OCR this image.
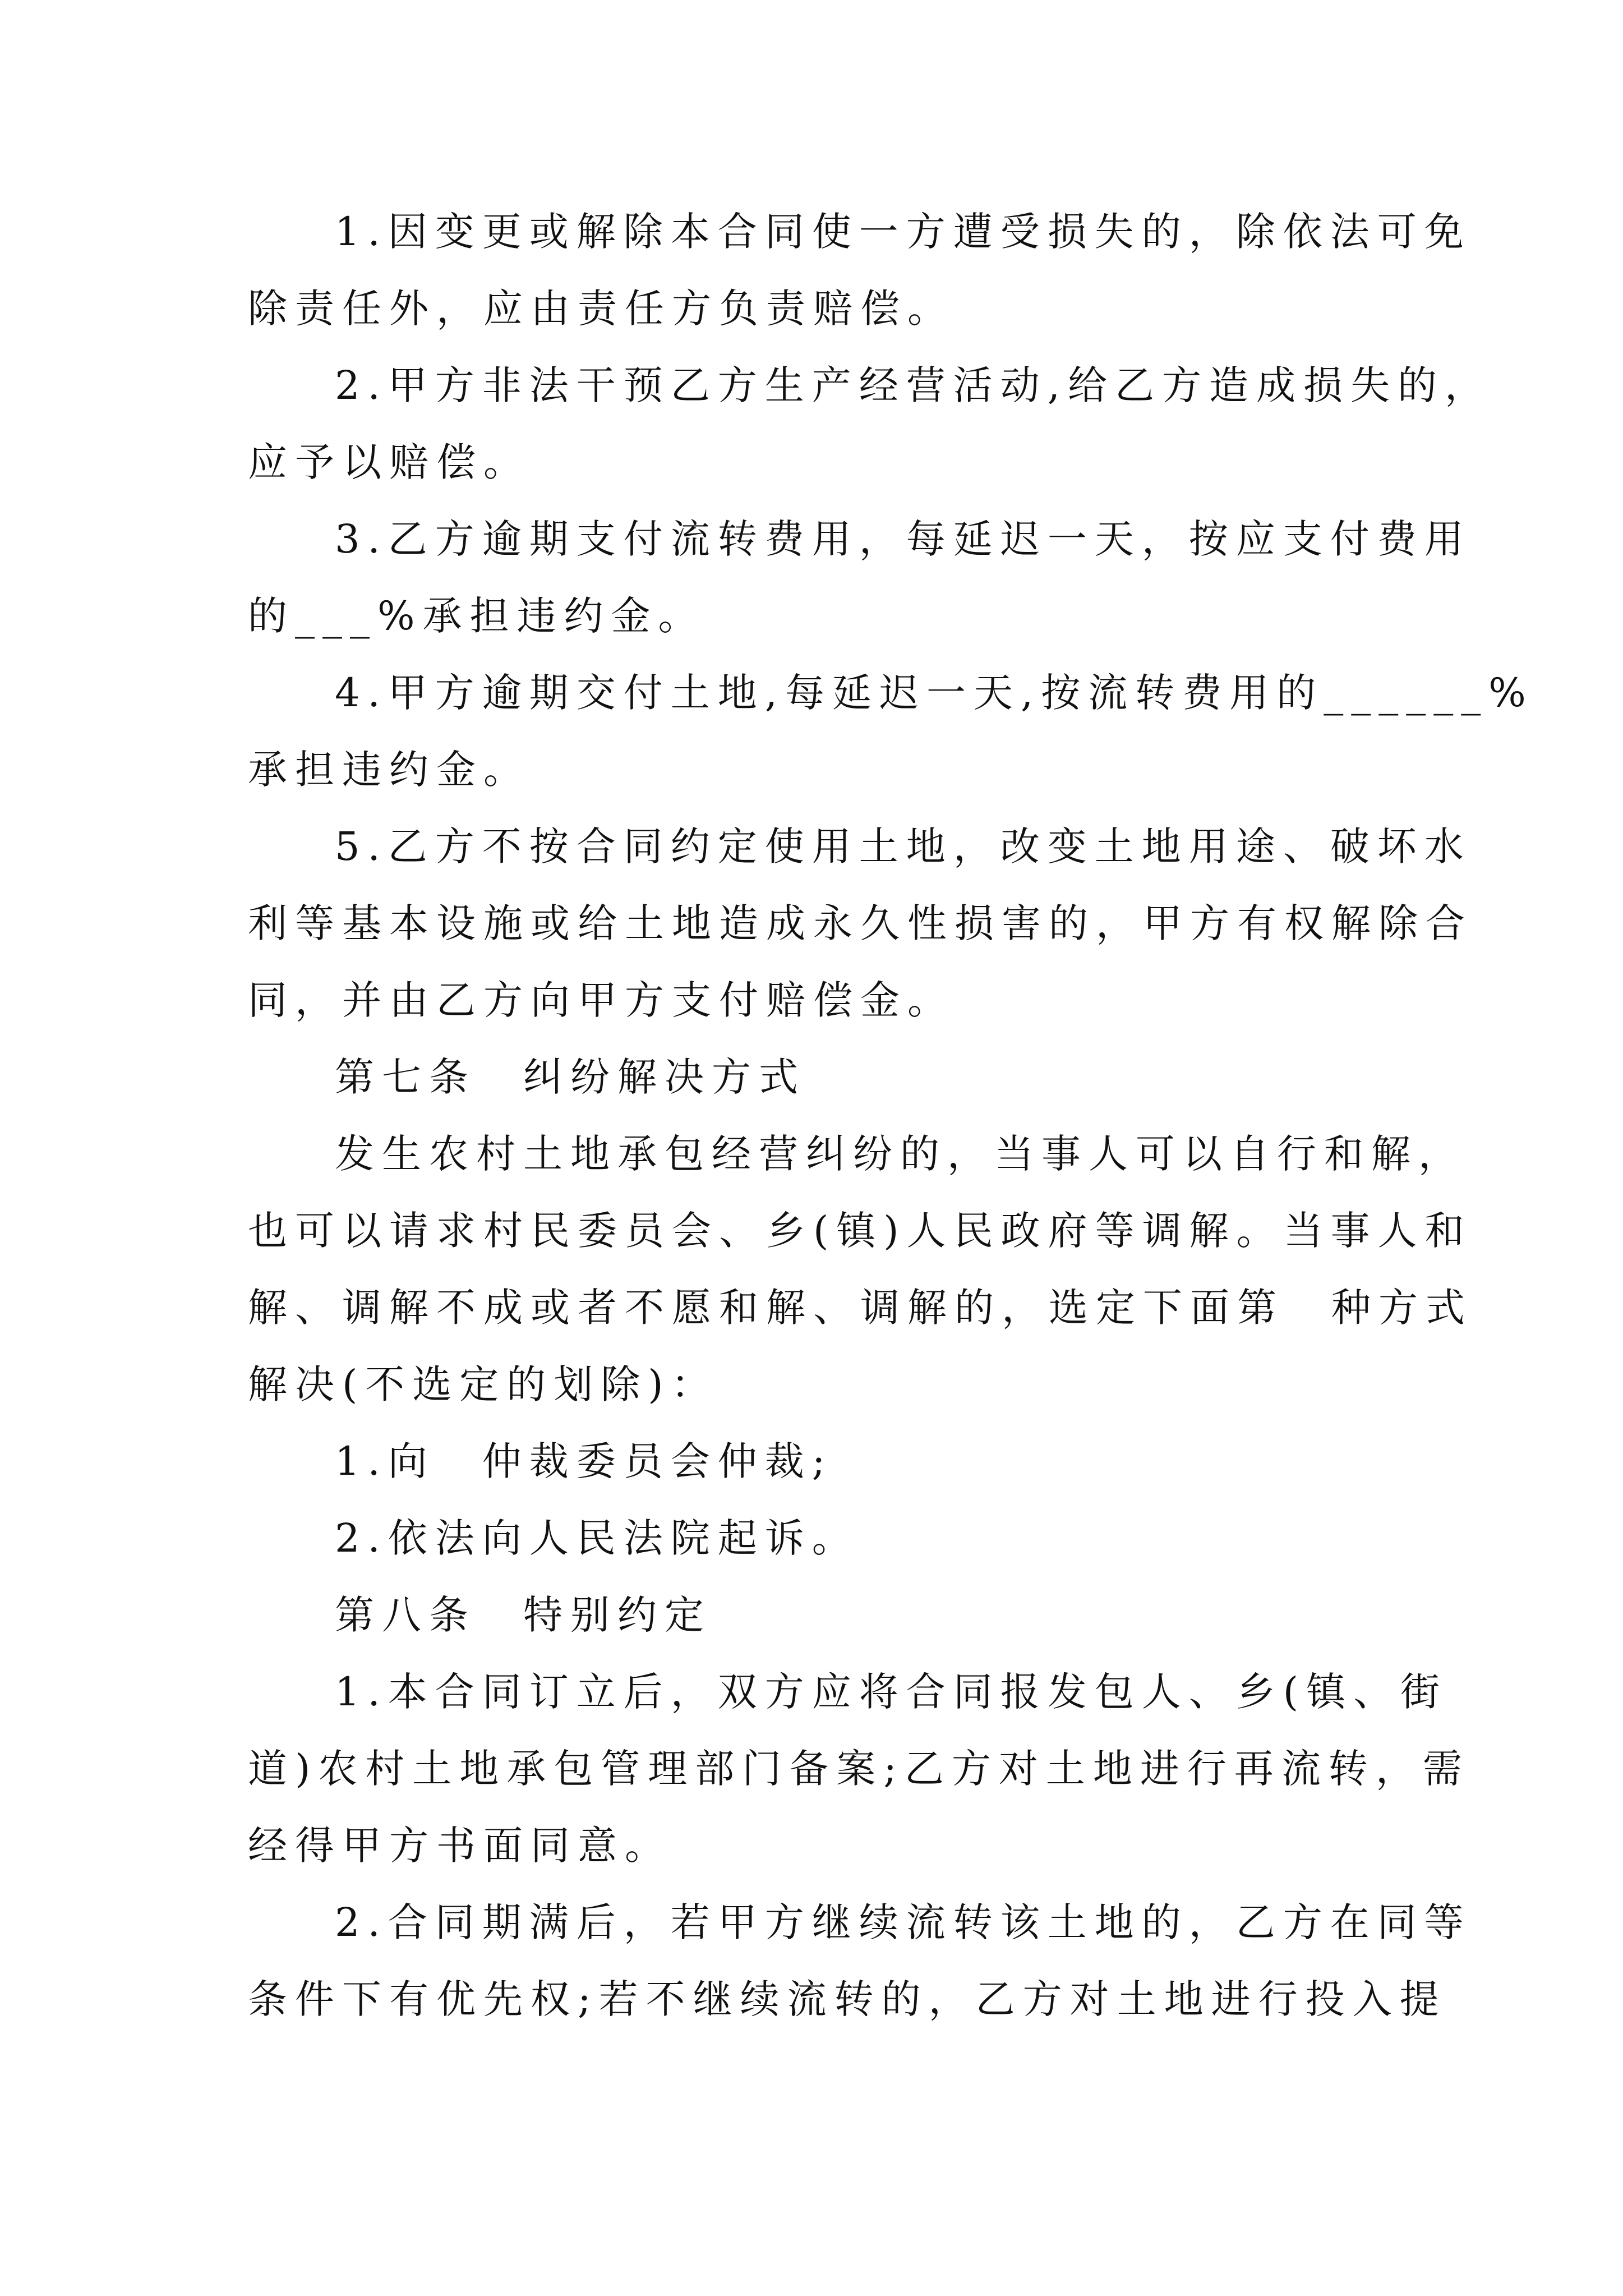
1.因变更或解除本合同使一方遭受损失的，除依法可免
除责任外，应由责任方负责赔偿。
2.甲方非法干预乙方生产经营活动,给乙方造成损失的，
应予以赔偿。
3.乙方逾期支付流转费用，每延迟一天，按应支付费用
的___%承担违约金。
4.甲方逾期交付土地,每延迟一天,按流转费用的______%
承担违约金。
5.乙方不按合同约定使用土地，改变土地用途、破坏水
利等基本设施或给土地造成永久性损害的，甲方有权解除合
同，并由乙方向甲方支付赔偿金。
第七条　纠纷解决方式
发生农村土地承包经营纠纷的，当事人可以自行和解，
也可以请求村民委员会、乡(镇)人民政府等调解。当事人和
解、调解不成或者不愿和解、调解的，选定下面第　种方式
解决(不选定的划除)：
1.向　仲裁委员会仲裁;
2.依法向人民法院起诉。
第八条　特别约定
1.本合同订立后，双方应将合同报发包人、乡(镇、街
道)农村土地承包管理部门备案;乙方对土地进行再流转，需
经得甲方书面同意。
2.合同期满后，若甲方继续流转该土地的，乙方在同等
条件下有优先权;若不继续流转的，乙方对土地进行投入提
